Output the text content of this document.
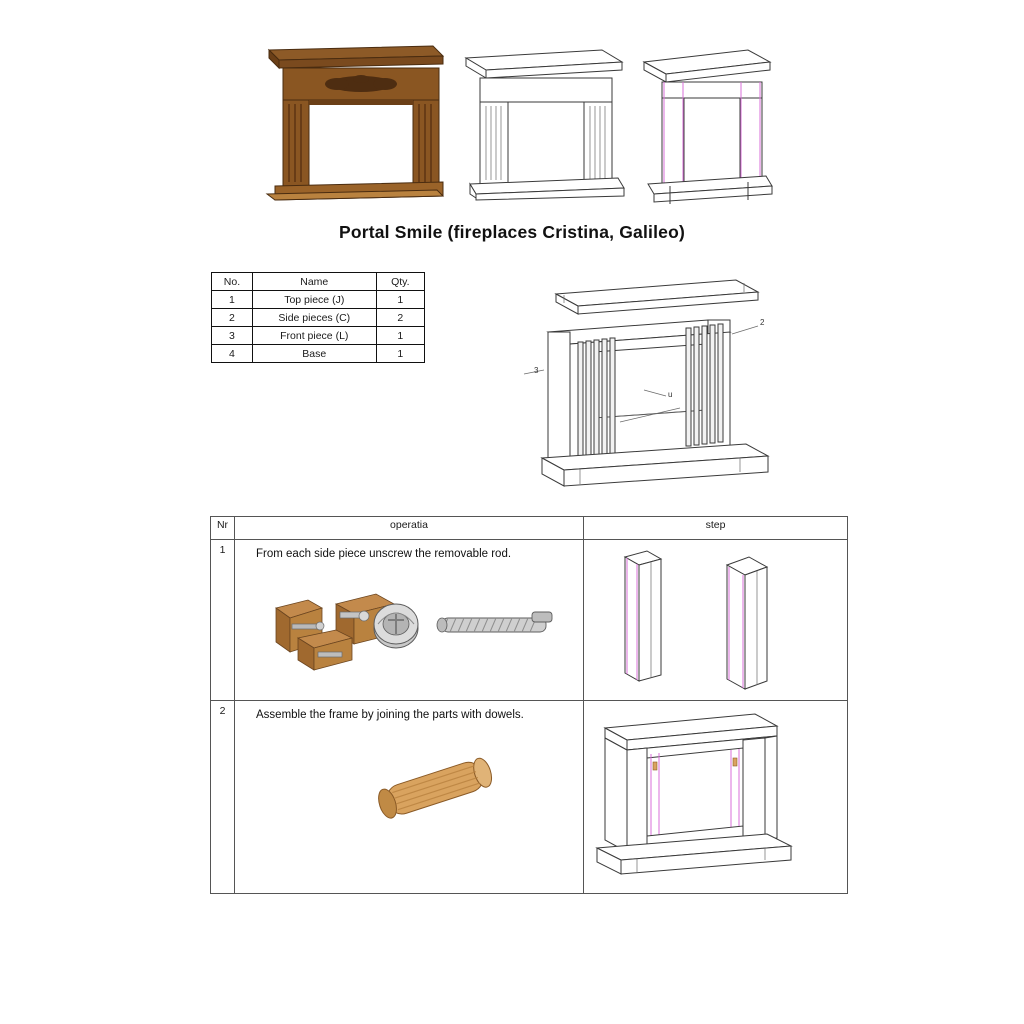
Portal Smile (fireplaces Cristina, Galileo)
No.	Name	Qty.
1	Top piece (J)	1
2	Side pieces (C)	2
3	Front piece (L)	1
4	Base	1
2
3
u
Nr	operatia	step
1	From each side piece unscrew the removable rod.

2	Assemble the frame by joining the parts with dowels.
